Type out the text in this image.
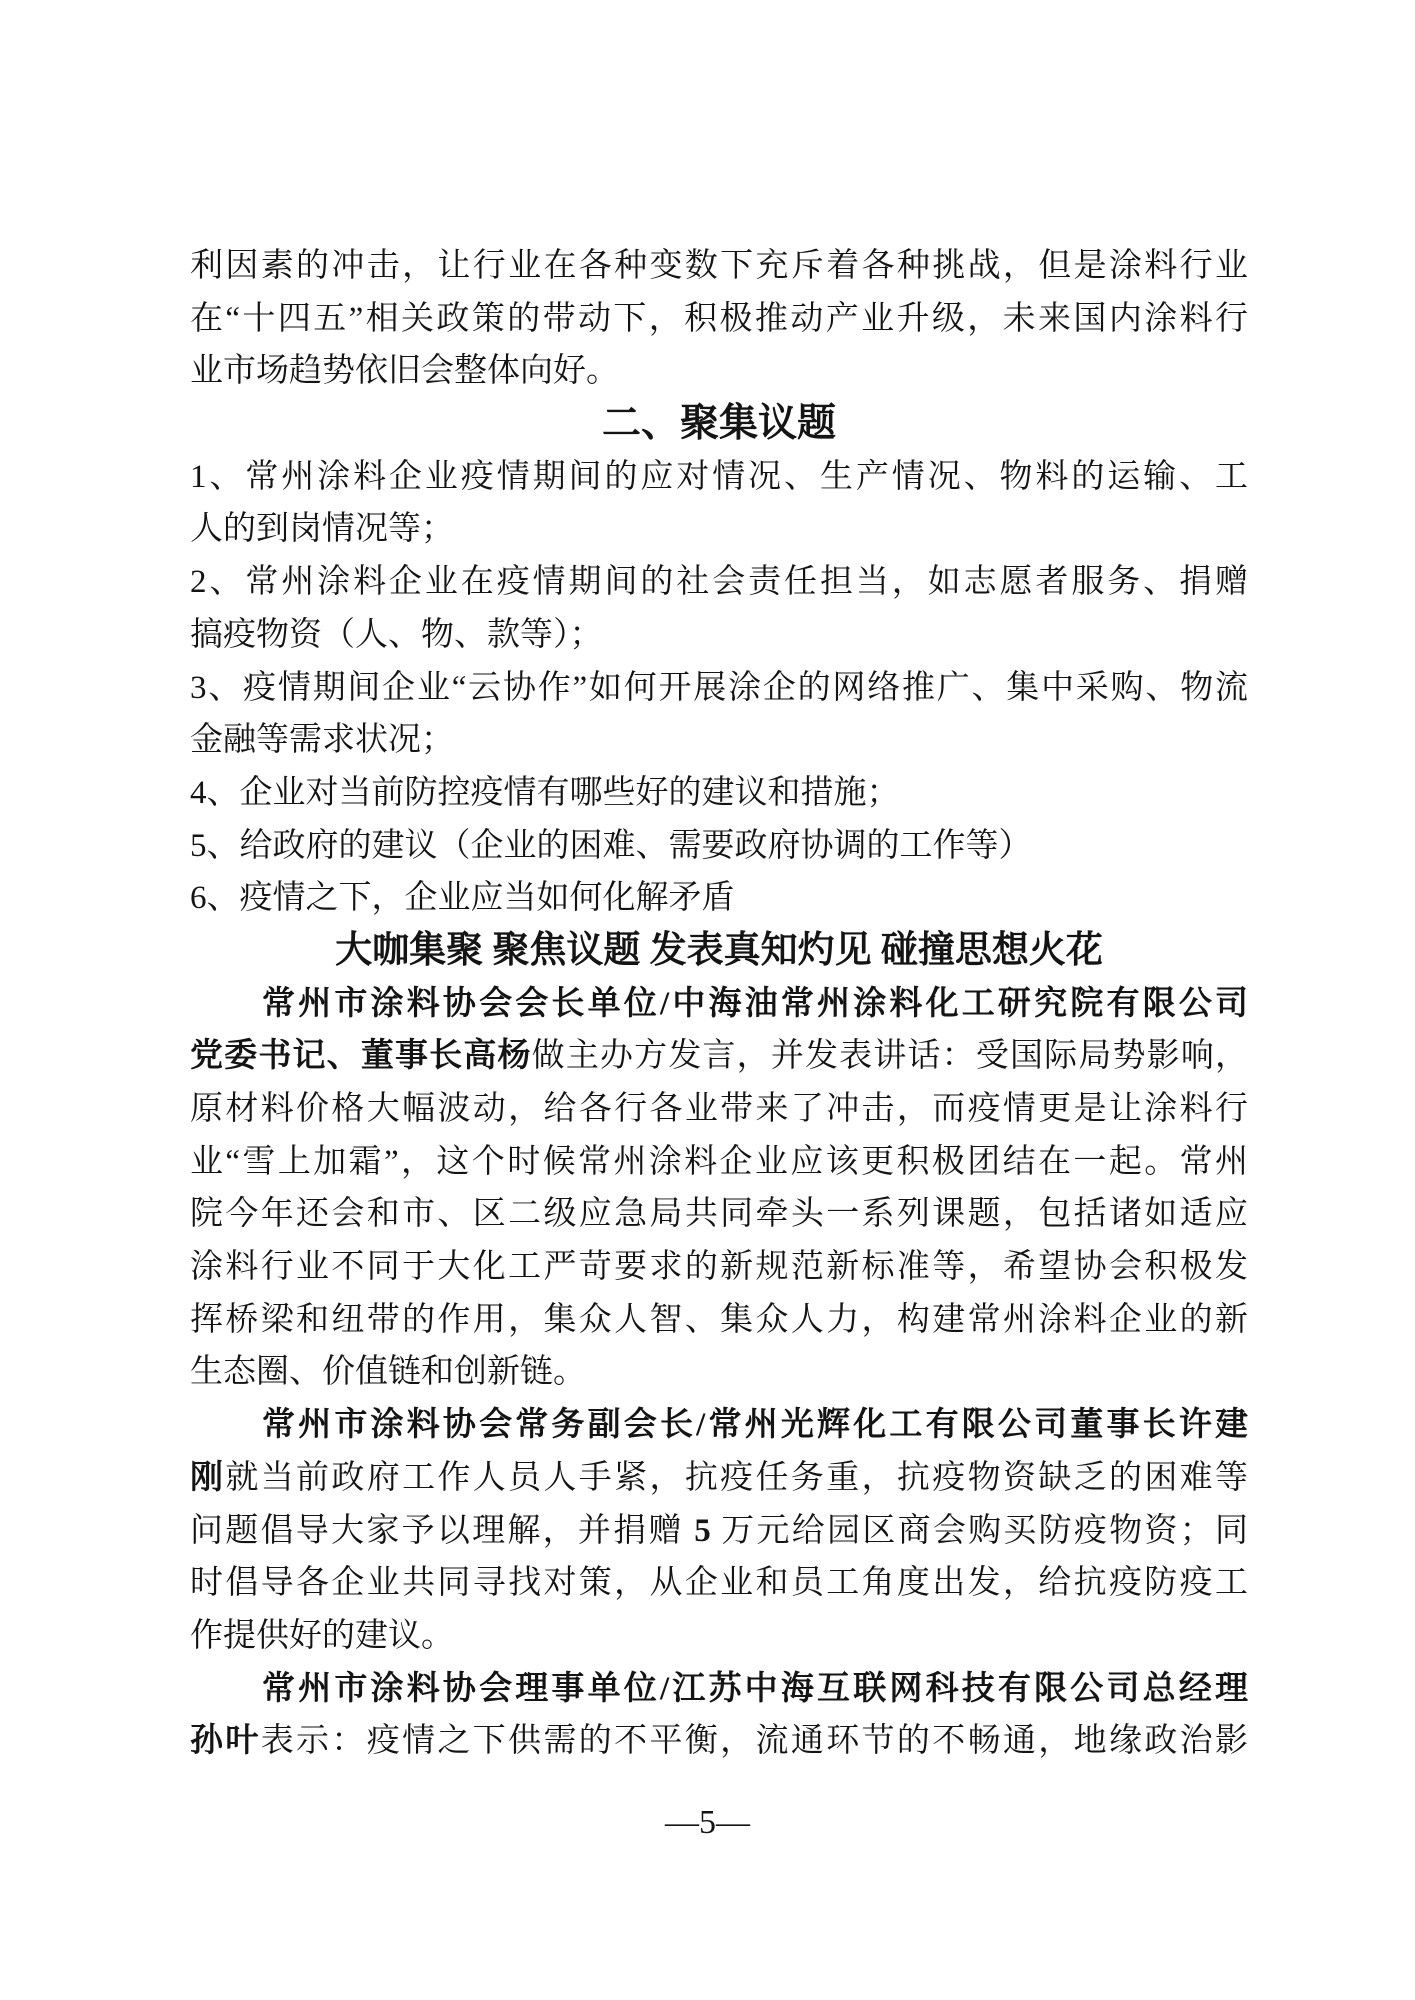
利因素的冲击，让行业在各种变数下充斥着各种挑战，但是涂料行业
在“十四五”相关政策的带动下，积极推动产业升级，未来国内涂料行
业市场趋势依旧会整体向好。
二、聚集议题
1、常州涂料企业疫情期间的应对情况、生产情况、物料的运输、工
人的到岗情况等；
2、常州涂料企业在疫情期间的社会责任担当，如志愿者服务、捐赠
搞疫物资（人、物、款等）；
3、疫情期间企业“云协作”如何开展涂企的网络推广、集中采购、物流
金融等需求状况；
4、企业对当前防控疫情有哪些好的建议和措施；
5、给政府的建议（企业的困难、需要政府协调的工作等）
6、疫情之下，企业应当如何化解矛盾
大咖集聚 聚焦议题 发表真知灼见 碰撞思想火花
常州市涂料协会会长单位/中海油常州涂料化工研究院有限公司
党委书记、董事长高杨做主办方发言，并发表讲话：受国际局势影响，
原材料价格大幅波动，给各行各业带来了冲击，而疫情更是让涂料行
业“雪上加霜”，这个时候常州涂料企业应该更积极团结在一起。常州
院今年还会和市、区二级应急局共同牵头一系列课题，包括诸如适应
涂料行业不同于大化工严苛要求的新规范新标准等，希望协会积极发
挥桥梁和纽带的作用，集众人智、集众人力，构建常州涂料企业的新
生态圈、价值链和创新链。
常州市涂料协会常务副会长/常州光辉化工有限公司董事长许建
刚就当前政府工作人员人手紧，抗疫任务重，抗疫物资缺乏的困难等
问题倡导大家予以理解，并捐赠 5 万元给园区商会购买防疫物资；同
时倡导各企业共同寻找对策，从企业和员工角度出发，给抗疫防疫工
作提供好的建议。
常州市涂料协会理事单位/江苏中海互联网科技有限公司总经理
孙叶表示：疫情之下供需的不平衡，流通环节的不畅通，地缘政治影
—5—
